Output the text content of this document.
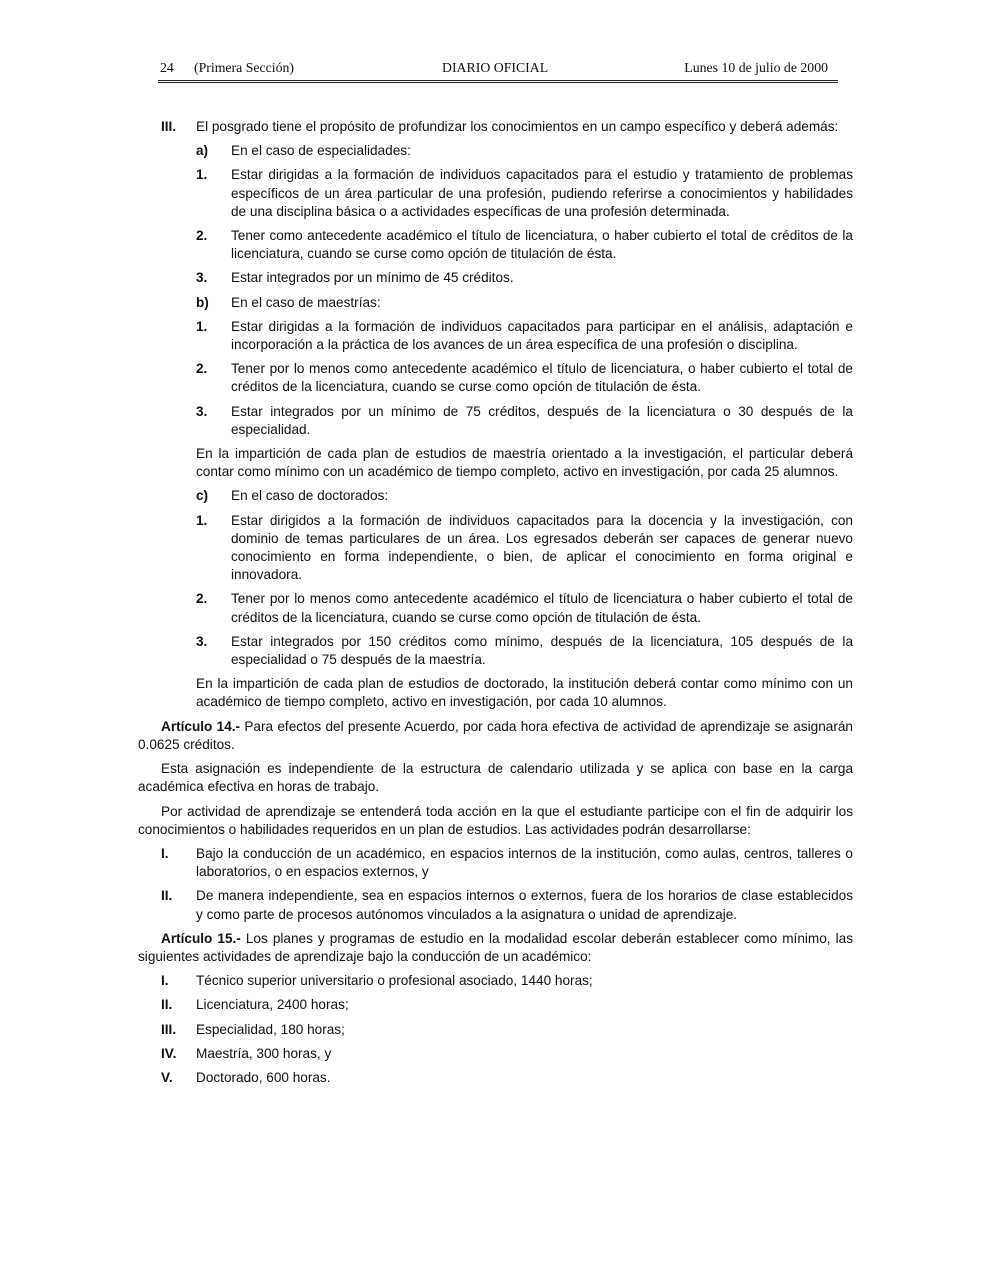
24 (Primera Sección)	DIARIO OFICIAL	Lunes 10 de julio de 2000
III. El posgrado tiene el propósito de profundizar los conocimientos en un campo específico y deberá además:
a) En el caso de especialidades:
1. Estar dirigidas a la formación de individuos capacitados para el estudio y tratamiento de problemas específicos de un área particular de una profesión, pudiendo referirse a conocimientos y habilidades de una disciplina básica o a actividades específicas de una profesión determinada.
2. Tener como antecedente académico el título de licenciatura, o haber cubierto el total de créditos de la licenciatura, cuando se curse como opción de titulación de ésta.
3. Estar integrados por un mínimo de 45 créditos.
b) En el caso de maestrías:
1. Estar dirigidas a la formación de individuos capacitados para participar en el análisis, adaptación e incorporación a la práctica de los avances de un área específica de una profesión o disciplina.
2. Tener por lo menos como antecedente académico el título de licenciatura, o haber cubierto el total de créditos de la licenciatura, cuando se curse como opción de titulación de ésta.
3. Estar integrados por un mínimo de 75 créditos, después de la licenciatura o 30 después de la especialidad.
En la impartición de cada plan de estudios de maestría orientado a la investigación, el particular deberá contar como mínimo con un académico de tiempo completo, activo en investigación, por cada 25 alumnos.
c) En el caso de doctorados:
1. Estar dirigidos a la formación de individuos capacitados para la docencia y la investigación, con dominio de temas particulares de un área. Los egresados deberán ser capaces de generar nuevo conocimiento en forma independiente, o bien, de aplicar el conocimiento en forma original e innovadora.
2. Tener por lo menos como antecedente académico el título de licenciatura o haber cubierto el total de créditos de la licenciatura, cuando se curse como opción de titulación de ésta.
3. Estar integrados por 150 créditos como mínimo, después de la licenciatura, 105 después de la especialidad o 75 después de la maestría.
En la impartición de cada plan de estudios de doctorado, la institución deberá contar como mínimo con un académico de tiempo completo, activo en investigación, por cada 10 alumnos.

Artículo 14.- Para efectos del presente Acuerdo, por cada hora efectiva de actividad de aprendizaje se asignarán 0.0625 créditos.

Esta asignación es independiente de la estructura de calendario utilizada y se aplica con base en la carga académica efectiva en horas de trabajo.

Por actividad de aprendizaje se entenderá toda acción en la que el estudiante participe con el fin de adquirir los conocimientos o habilidades requeridos en un plan de estudios. Las actividades podrán desarrollarse:

I. Bajo la conducción de un académico, en espacios internos de la institución, como aulas, centros, talleres o laboratorios, o en espacios externos, y
II. De manera independiente, sea en espacios internos o externos, fuera de los horarios de clase establecidos y como parte de procesos autónomos vinculados a la asignatura o unidad de aprendizaje.

Artículo 15.- Los planes y programas de estudio en la modalidad escolar deberán establecer como mínimo, las siguientes actividades de aprendizaje bajo la conducción de un académico:

I. Técnico superior universitario o profesional asociado, 1440 horas;
II. Licenciatura, 2400 horas;
III. Especialidad, 180 horas;
IV. Maestría, 300 horas, y
V. Doctorado, 600 horas.
